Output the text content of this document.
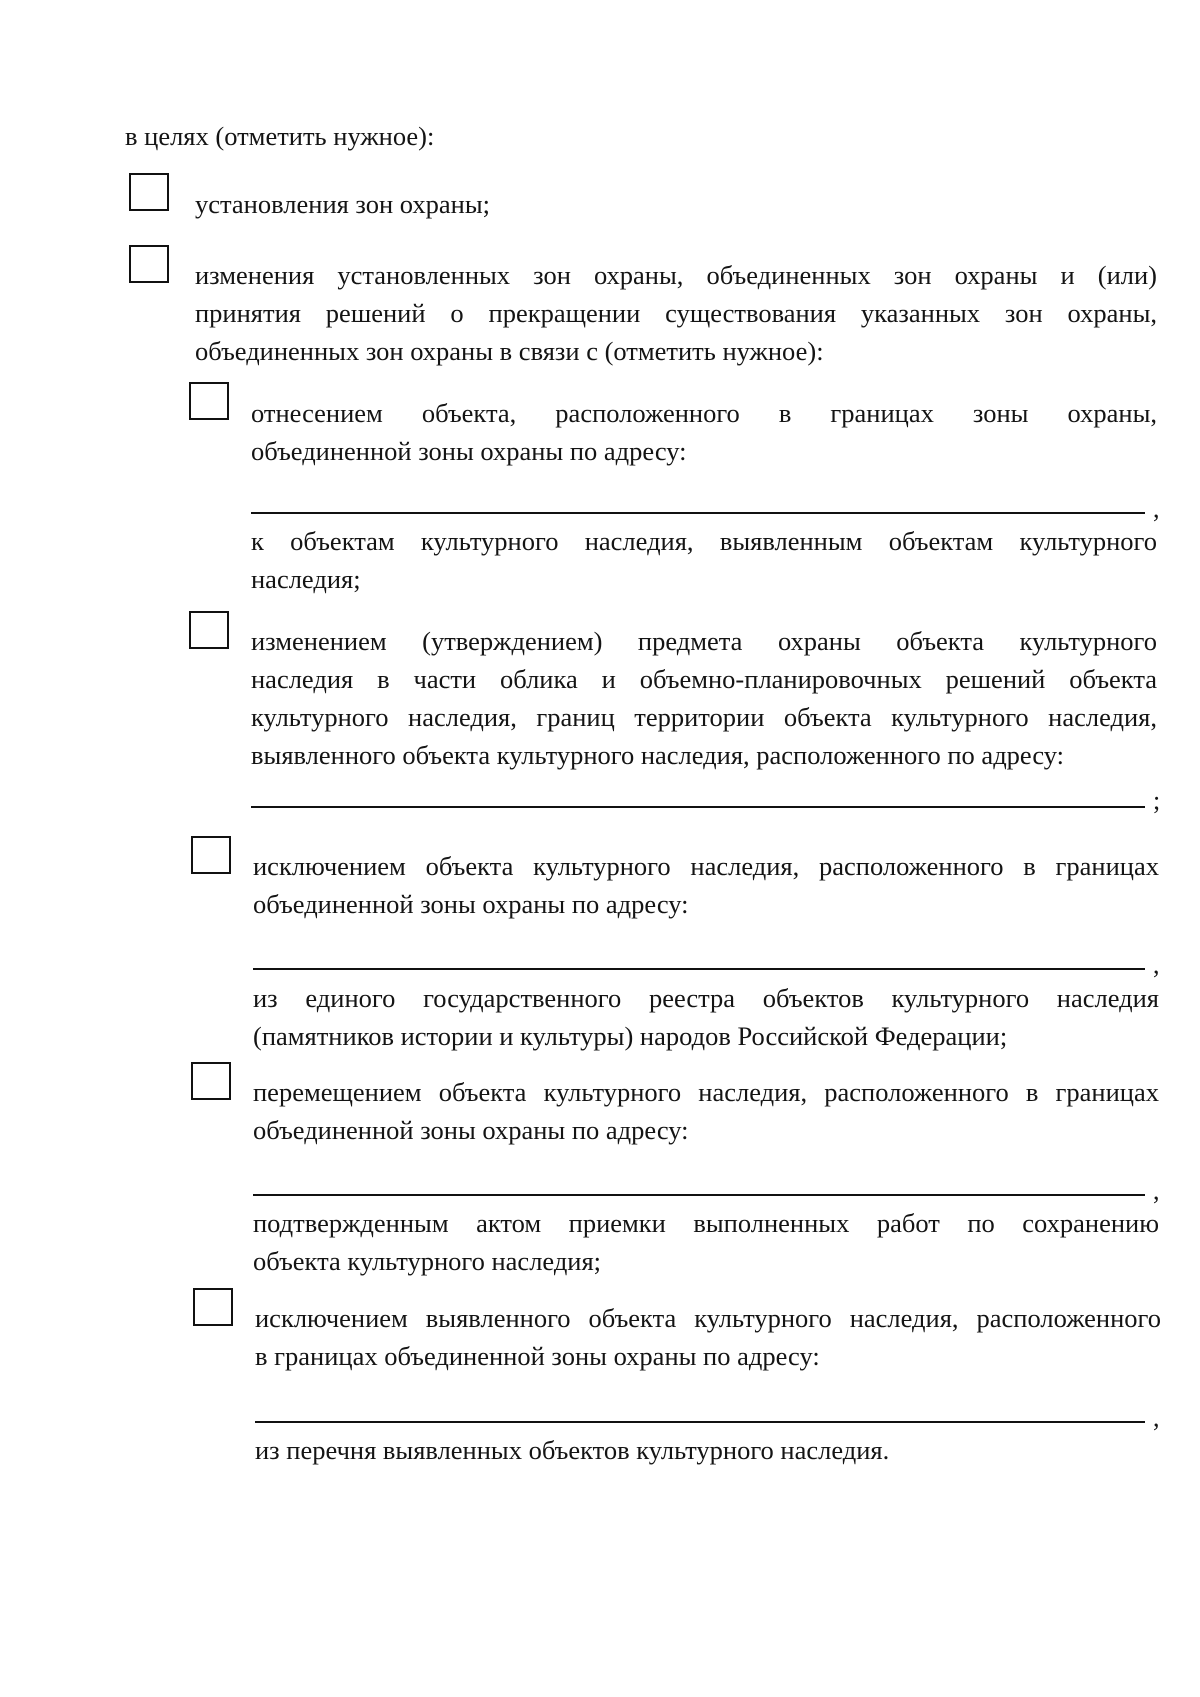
в целях (отметить нужное):
установления зон охраны;
изменения установленных зон охраны, объединенных зон охраны и (или)
принятия решений о прекращении существования указанных зон охраны,
объединенных зон охраны в связи с (отметить нужное):
отнесением объекта, расположенного в границах зоны охраны,
объединенной зоны охраны по адресу:
,
к объектам культурного наследия, выявленным объектам культурного
наследия;
изменением (утверждением) предмета охраны объекта культурного
наследия в части облика и объемно-планировочных решений объекта
культурного наследия, границ территории объекта культурного наследия,
выявленного объекта культурного наследия, расположенного по адресу:
;
исключением объекта культурного наследия, расположенного в границах
объединенной зоны охраны по адресу:
,
из единого государственного реестра объектов культурного наследия
(памятников истории и культуры) народов Российской Федерации;
перемещением объекта культурного наследия, расположенного в границах
объединенной зоны охраны по адресу:
,
подтвержденным актом приемки выполненных работ по сохранению
объекта культурного наследия;
исключением выявленного объекта культурного наследия, расположенного
в границах объединенной зоны охраны по адресу:
,
из перечня выявленных объектов культурного наследия.
